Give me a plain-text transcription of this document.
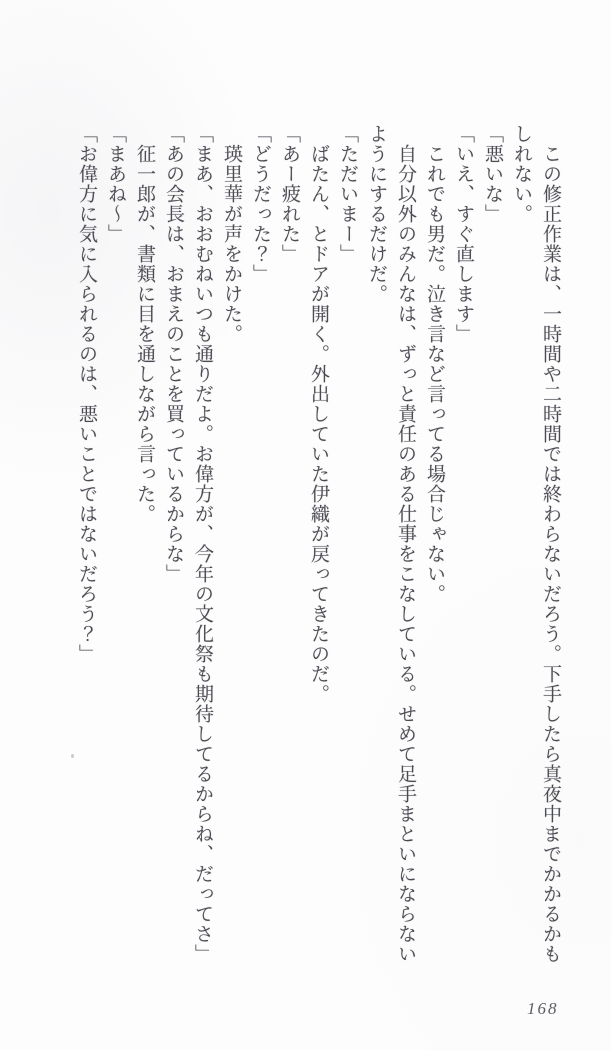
　この修正作業は、一時間や二時間では終わらないだろう。下手したら真夜中までかかるかもしれない。

「悪いな」

「いえ、すぐ直します」

　これでも男だ。泣き言など言ってる場合じゃない。

　自分以外のみんなは、ずっと責任のある仕事をこなしている。せめて足手まといにならないようにするだけだ。

「ただいまー」

　ばたん、とドアが開く。外出していた伊織が戻ってきたのだ。

「あー疲れた」

「どうだった？」

　瑛里華が声をかけた。

「まあ、おおむねいつも通りだよ。お偉方が、今年の文化祭も期待してるからね、だってさ」

「あの会長は、おまえのことを買っているからな」

　征一郎が、書類に目を通しながら言った。

「まあね〜」

「お偉方に気に入られるのは、悪いことではないだろう？」

168
